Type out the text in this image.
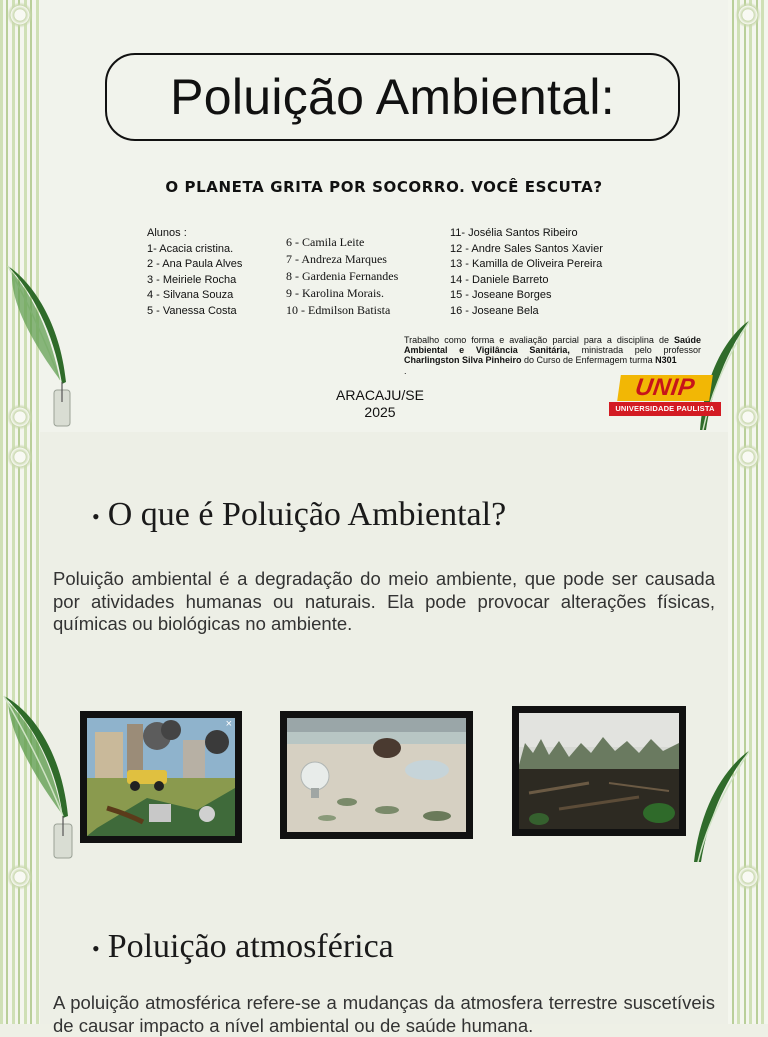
Poluição Ambiental:
O PLANETA GRITA POR SOCORRO. VOCÊ ESCUTA?
Alunos :
1- Acacia cristina.
2 - Ana Paula Alves
3 - Meiriele Rocha
4 - Silvana Souza
5 - Vanessa Costa
6 - Camila Leite
7 - Andreza Marques
8 - Gardenia Fernandes
9 - Karolina Morais.
10 - Edmilson Batista
11- Josélia Santos Ribeiro
12 - Andre Sales Santos Xavier
13 - Kamilla de Oliveira Pereira
14 - Daniele Barreto
15 - Joseane Borges
16 - Joseane Bela
Trabalho como forma e avaliação parcial para a disciplina de Saúde Ambiental e Vigilância Sanitária, ministrada pelo professor Charlingston Silva Pinheiro do Curso de Enfermagem turma N301
.
ARACAJU/SE
2025
UNIP
UNIVERSIDADE PAULISTA
• O que é Poluição Ambiental?

Poluição ambiental é a degradação do meio ambiente, que pode ser causada por atividades humanas ou naturais. Ela pode provocar alterações físicas, químicas ou biológicas no ambiente.

×
• Poluição atmosférica

A poluição atmosférica refere-se a mudanças da atmosfera terrestre suscetíveis de causar impacto a nível ambiental ou de saúde humana.
